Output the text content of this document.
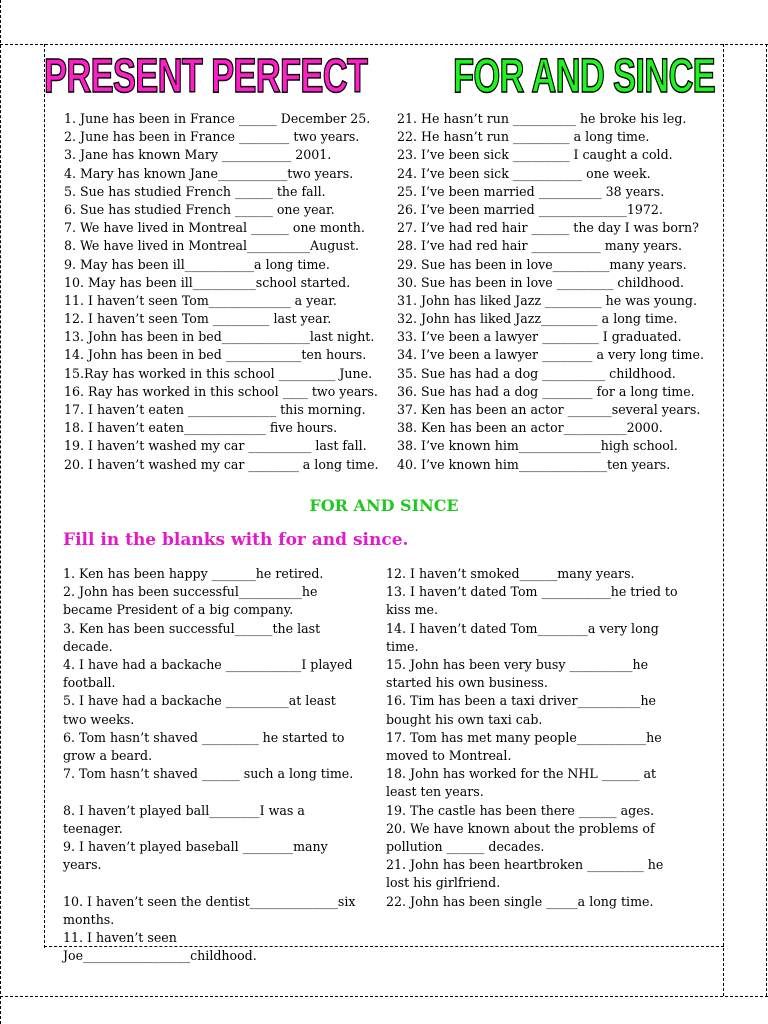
PRESENT PERFECT FOR AND SINCE
1. June has been in France ______ December 25.
2. June has been in France ________ two years.
3. Jane has known Mary ___________ 2001.
4. Mary has known Jane___________two years.
5. Sue has studied French ______ the fall.
6. Sue has studied French ______ one year.
7. We have lived in Montreal ______ one month.
8. We have lived in Montreal__________August.
9. May has been ill___________a long time.
10. May has been ill__________school started.
11. I haven’t seen Tom_____________ a year.
12. I haven’t seen Tom _________ last year.
13. John has been in bed______________last night.
14. John has been in bed ____________ten hours.
15.Ray has worked in this school _________ June.
16. Ray has worked in this school ____ two years.
17. I haven’t eaten ______________ this morning.
18. I haven’t eaten_____________ five hours.
19. I haven’t washed my car __________ last fall.
20. I haven’t washed my car ________ a long time.
21. He hasn’t run __________ he broke his leg.
22. He hasn’t run _________ a long time.
23. I’ve been sick _________ I caught a cold.
24. I’ve been sick ___________ one week.
25. I’ve been married __________ 38 years.
26. I’ve been married ______________1972.
27. I’ve had red hair ______ the day I was born?
28. I’ve had red hair ___________ many years.
29. Sue has been in love_________many years.
30. Sue has been in love _________ childhood.
31. John has liked Jazz _________ he was young.
32. John has liked Jazz_________ a long time.
33. I’ve been a lawyer _________ I graduated.
34. I’ve been a lawyer ________ a very long time.
35. Sue has had a dog __________ childhood.
36. Sue has had a dog ________ for a long time.
37. Ken has been an actor _______several years.
38. Ken has been an actor__________2000.
38. I’ve known him_____________high school.
40. I’ve known him______________ten years.
FOR AND SINCE
Fill in the blanks with for and since.
1. Ken has been happy _______he retired.
2. John has been successful__________he became President of a big company.
3. Ken has been successful______the last decade.
4. I have had a backache ____________I played football.
5. I have had a backache __________at least two weeks.
6. Tom hasn’t shaved _________ he started to grow a beard.
7. Tom hasn’t shaved ______ such a long time.
8. I haven’t played ball________I was a teenager.
9. I haven’t played baseball ________many years.
10. I haven’t seen the dentist______________six months.
11. I haven’t seen Joe_________________childhood.
12. I haven’t smoked______many years.
13. I haven’t dated Tom ___________he tried to kiss me.
14. I haven’t dated Tom________a very long time.
15. John has been very busy __________he started his own business.
16. Tim has been a taxi driver__________he bought his own taxi cab.
17. Tom has met many people___________he moved to Montreal.
18. John has worked for the NHL ______ at least ten years.
19. The castle has been there ______ ages.
20. We have known about the problems of pollution ______ decades.
21. John has been heartbroken _________ he lost his girlfriend.
22. John has been single _____a long time.
